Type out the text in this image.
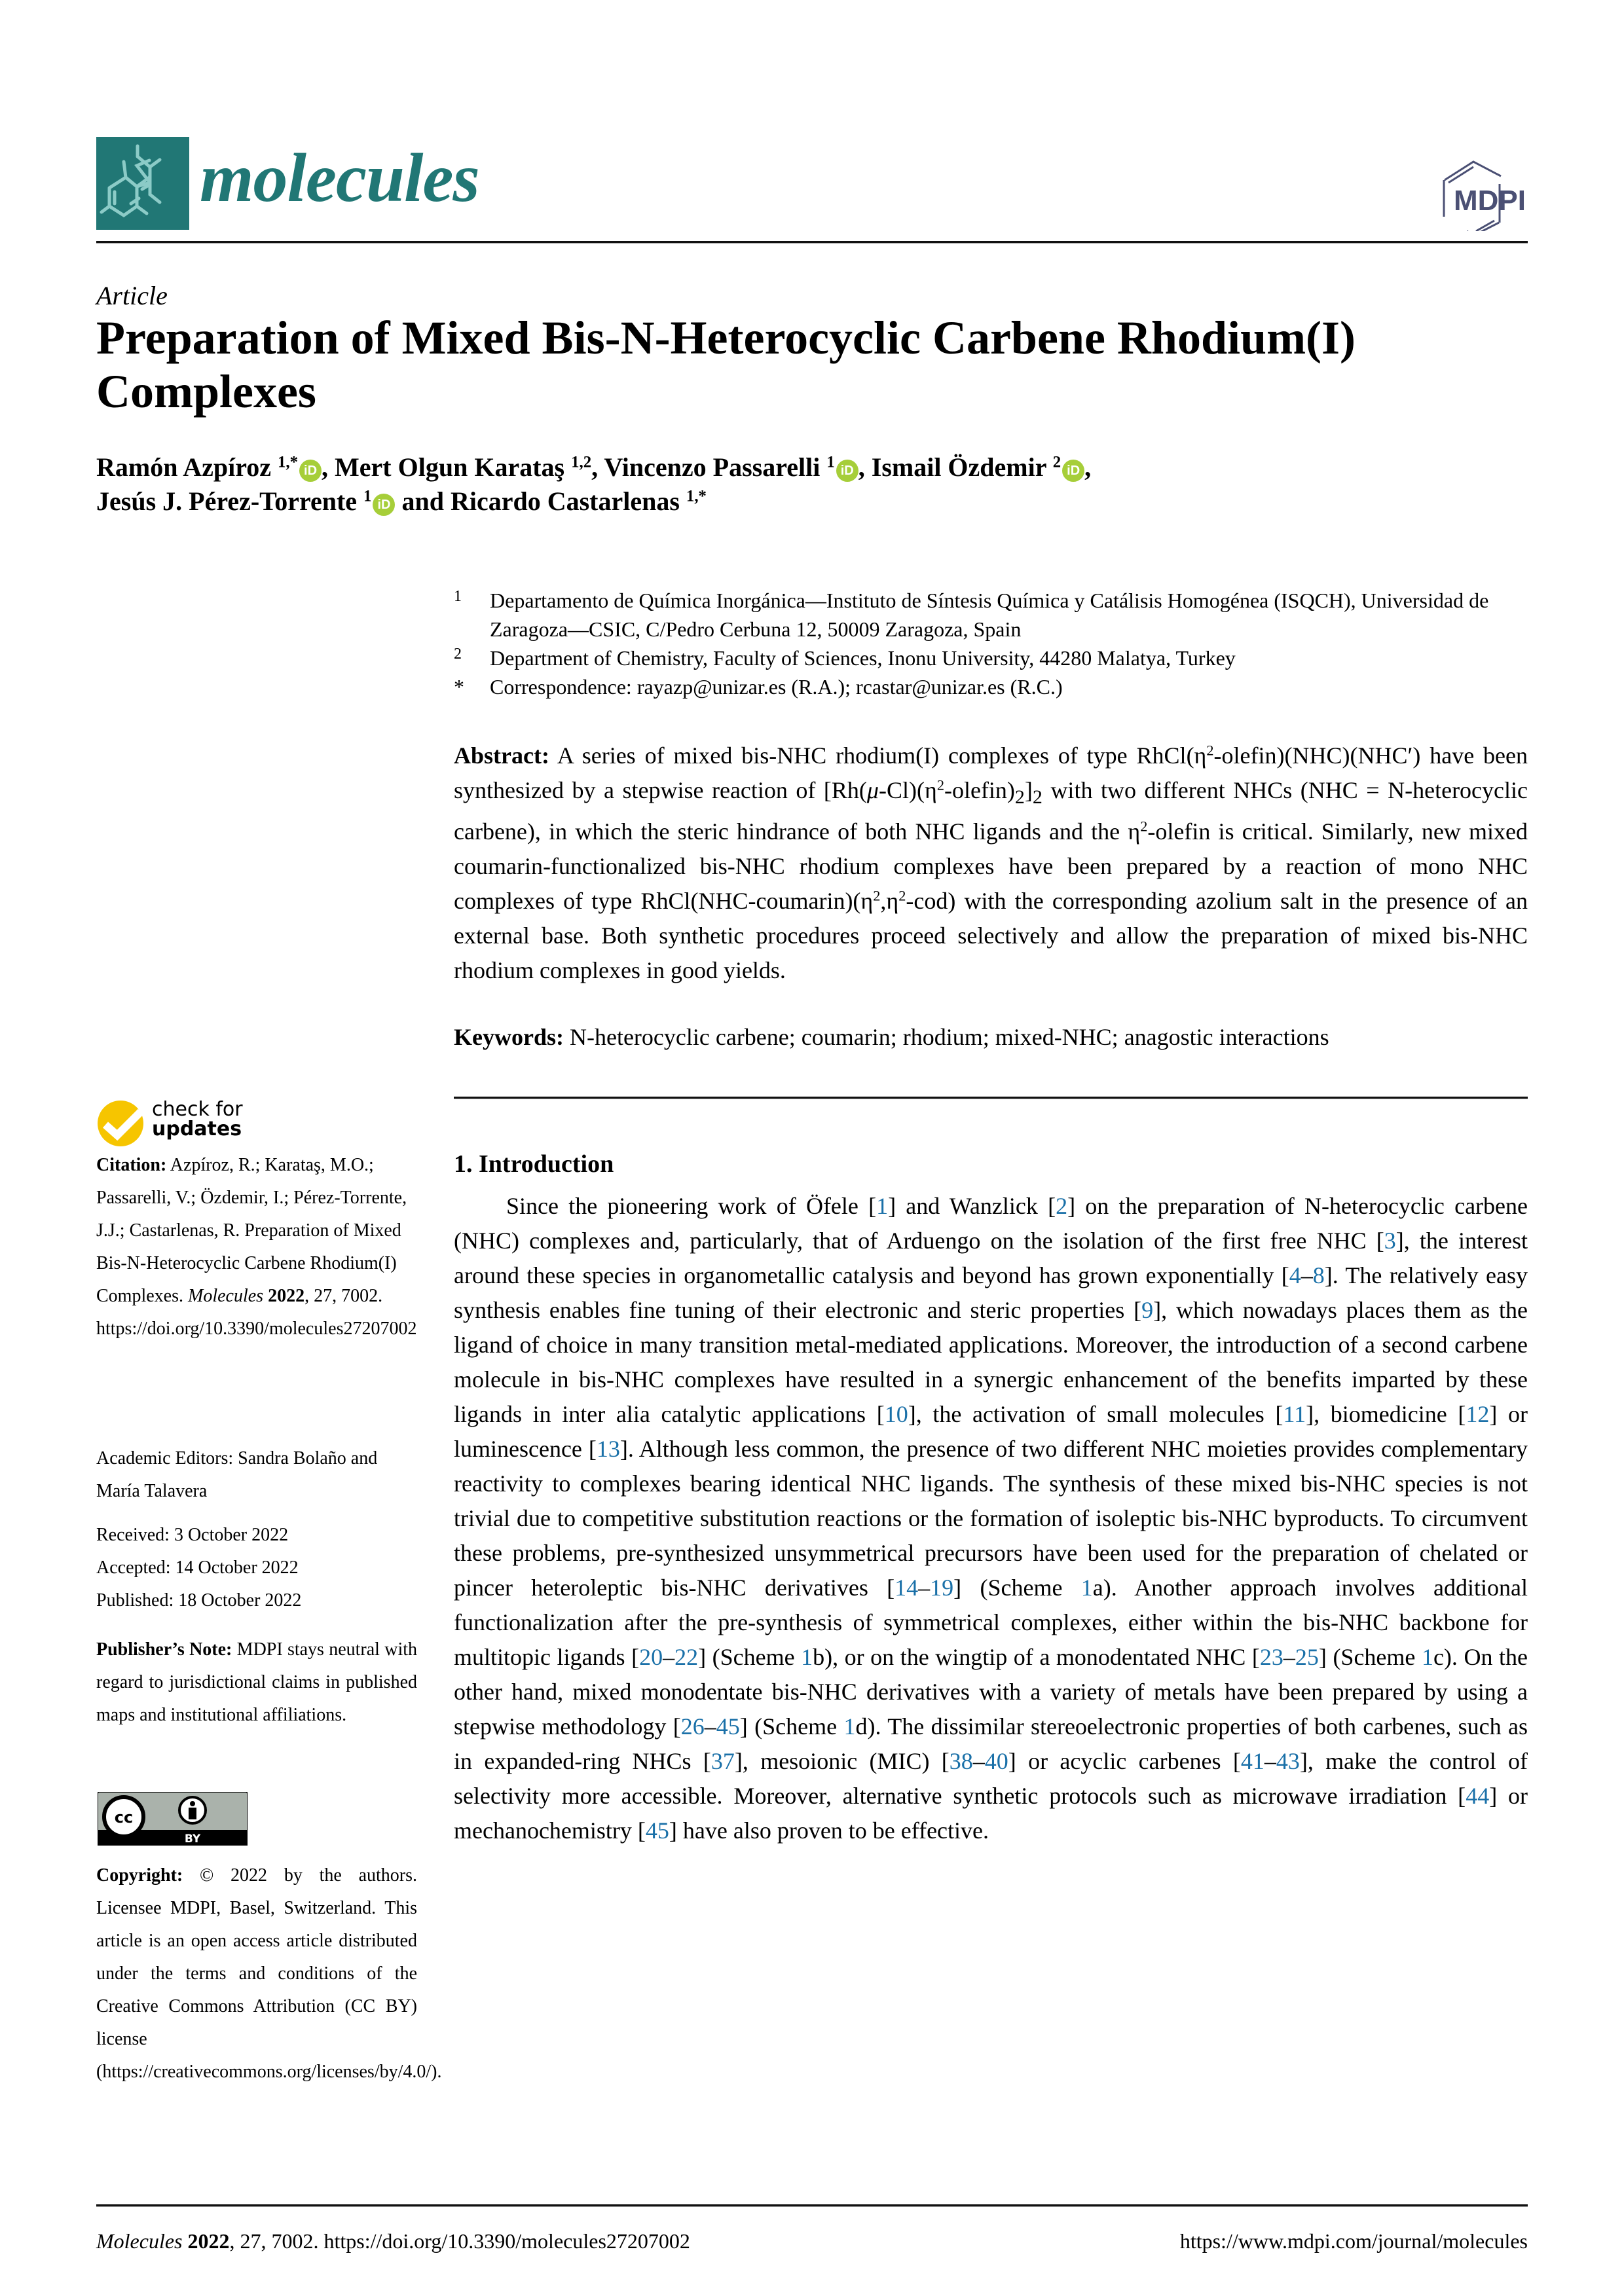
molecules	MDPI
Article
Preparation of Mixed Bis-N-Heterocyclic Carbene Rhodium(I) Complexes
Ramón Azpíroz $^{1,*}$ iD , Mert Olgun Karataş $^{1,2}$, Vincenzo Passarelli $^1$ iD , Ismail Özdemir $^2$ iD ,
Jesús J. Pérez-Torrente $^1$ iD and Ricardo Castarlenas $^{1,*}$
1	Departamento de Química Inorgánica—Instituto de Síntesis Química y Catálisis Homogénea (ISQCH), Universidad de Zaragoza—CSIC, C/Pedro Cerbuna 12, 50009 Zaragoza, Spain
2	Department of Chemistry, Faculty of Sciences, Inonu University, 44280 Malatya, Turkey
*	Correspondence: rayazp@unizar.es (R.A.); rcastar@unizar.es (R.C.)
Abstract: A series of mixed bis-NHC rhodium(I) complexes of type $RhCl(\eta^2-olefin)(NHC)(NHC')$ have been synthesized by a stepwise reaction of $[Rh(\mu-Cl)(\eta^2-olefin)_2]_2$ with two different NHCs (NHC = N-heterocyclic carbene), in which the steric hindrance of both NHC ligands and the $\eta^2$-olefin is critical. Similarly, new mixed coumarin-functionalized bis-NHC rhodium complexes have been prepared by a reaction of mono NHC complexes of type $RhCl(NHC-coumarin)(\eta^2,\eta^2-cod)$ with the corresponding azolium salt in the presence of an external base. Both synthetic procedures proceed selectively and allow the preparation of mixed bis-NHC rhodium complexes in good yields.
Keywords: N-heterocyclic carbene; coumarin; rhodium; mixed-NHC; anagostic interactions
1. Introduction
Since the pioneering work of Öfele [1] and Wanzlick [2] on the preparation of N-heterocyclic carbene (NHC) complexes and, particularly, that of Arduengo on the isolation of the first free NHC [3], the interest around these species in organometallic catalysis and beyond has grown exponentially [4–8]. The relatively easy synthesis enables fine tuning of their electronic and steric properties [9], which nowadays places them as the ligand of choice in many transition metal-mediated applications. Moreover, the introduction of a second carbene molecule in bis-NHC complexes have resulted in a synergic enhancement of the benefits imparted by these ligands in inter alia catalytic applications [10], the activation of small molecules [11], biomedicine [12] or luminescence [13]. Although less common, the presence of two different NHC moieties provides complementary reactivity to complexes bearing identical NHC ligands. The synthesis of these mixed bis-NHC species is not trivial due to competitive substitution reactions or the formation of isoleptic bis-NHC byproducts. To circumvent these problems, pre-synthesized unsymmetrical precursors have been used for the preparation of chelated or pincer heteroleptic bis-NHC derivatives [14–19] (Scheme 1a). Another approach involves additional functionalization after the pre-synthesis of symmetrical complexes, either within the bis-NHC backbone for multitopic ligands [20–22] (Scheme 1b), or on the wingtip of a monodentated NHC [23–25] (Scheme 1c). On the other hand, mixed monodentate bis-NHC derivatives with a variety of metals have been prepared by using a stepwise methodology [26–45] (Scheme 1d). The dissimilar stereoelectronic properties of both carbenes, such as in expanded-ring NHCs [37], mesoionic (MIC) [38–40] or acyclic carbenes [41–43], make the control of selectivity more accessible. Moreover, alternative synthetic protocols such as microwave irradiation [44] or mechanochemistry [45] have also proven to be effective.
check for
updates
Citation: Azpíroz, R.; Karataş, M.O.; Passarelli, V.; Özdemir, I.; Pérez-Torrente, J.J.; Castarlenas, R. Preparation of Mixed Bis-N-Heterocyclic Carbene Rhodium(I) Complexes. Molecules 2022, 27, 7002. https://doi.org/10.3390/molecules27207002
Academic Editors: Sandra Bolaño and María Talavera
Received: 3 October 2022
Accepted: 14 October 2022
Published: 18 October 2022
Publisher’s Note: MDPI stays neutral with regard to jurisdictional claims in published maps and institutional affiliations.
cc
BY
Copyright: © 2022 by the authors. Licensee MDPI, Basel, Switzerland. This article is an open access article distributed under the terms and conditions of the Creative Commons Attribution (CC BY) license (https://creativecommons.org/licenses/by/4.0/).
Molecules 2022, 27, 7002. https://doi.org/10.3390/molecules27207002	https://www.mdpi.com/journal/molecules
